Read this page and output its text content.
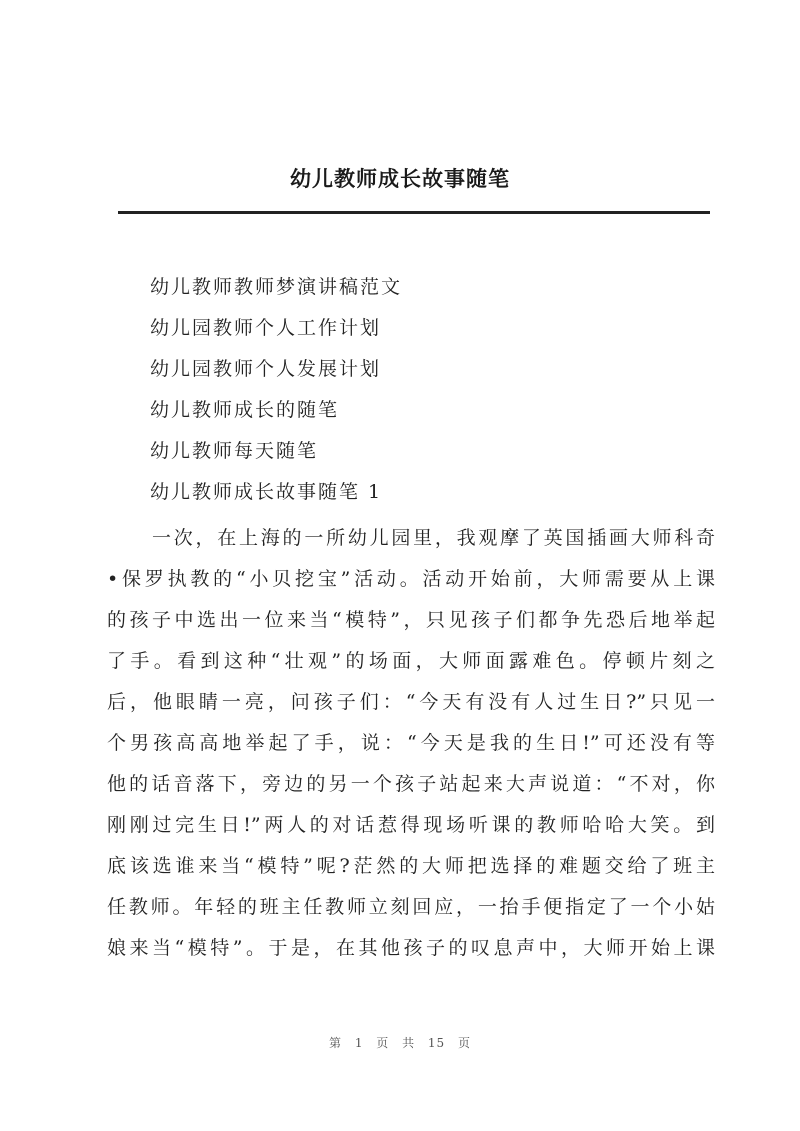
幼儿教师成长故事随笔
幼儿教师教师梦演讲稿范文
幼儿园教师个人工作计划
幼儿园教师个人发展计划
幼儿教师成长的随笔
幼儿教师每天随笔
幼儿教师成长故事随笔 1
一次，在上海的一所幼儿园里，我观摩了英国插画大师科奇
•保罗执教的“小贝挖宝”活动。活动开始前，大师需要从上课
的孩子中选出一位来当“模特”，只见孩子们都争先恐后地举起
了手。看到这种“壮观”的场面，大师面露难色。停顿片刻之
后，他眼睛一亮，问孩子们：“今天有没有人过生日?”只见一
个男孩高高地举起了手，说：“今天是我的生日!”可还没有等
他的话音落下，旁边的另一个孩子站起来大声说道：“不对，你
刚刚过完生日!”两人的对话惹得现场听课的教师哈哈大笑。到
底该选谁来当“模特”呢?茫然的大师把选择的难题交给了班主
任教师。年轻的班主任教师立刻回应，一抬手便指定了一个小姑
娘来当“模特”。于是，在其他孩子的叹息声中，大师开始上课
第 1 页 共 15 页
